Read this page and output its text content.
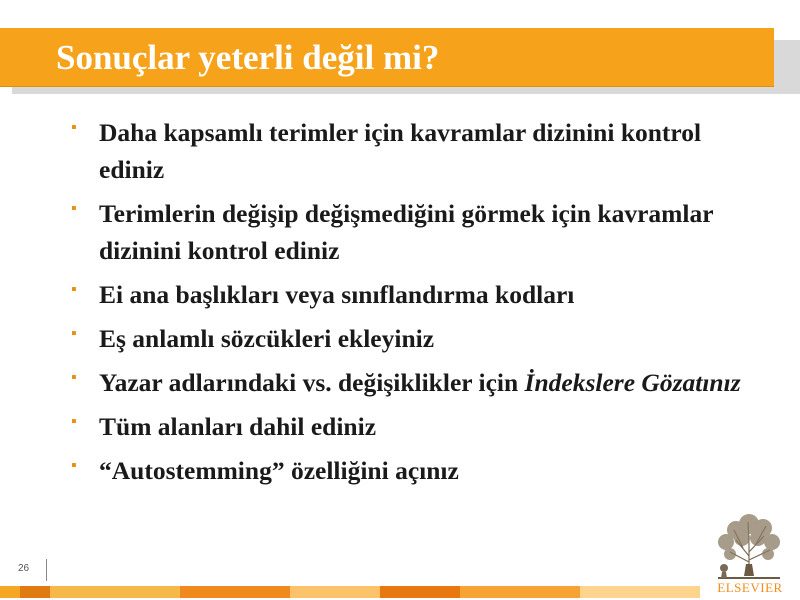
Sonuçlar yeterli değil mi?
▪ Daha kapsamlı terimler için kavramlar dizinini kontrol ediniz
▪ Terimlerin değişip değişmediğini görmek için kavramlar dizinini kontrol ediniz
▪ Ei ana başlıkları veya sınıflandırma kodları
▪ Eş anlamlı sözcükleri ekleyiniz
▪ Yazar adlarındaki vs. değişiklikler için İndekslere Gözatınız
▪ Tüm alanları dahil ediniz
▪ “Autostemming” özelliğini açınız
26
ELSEVIER
